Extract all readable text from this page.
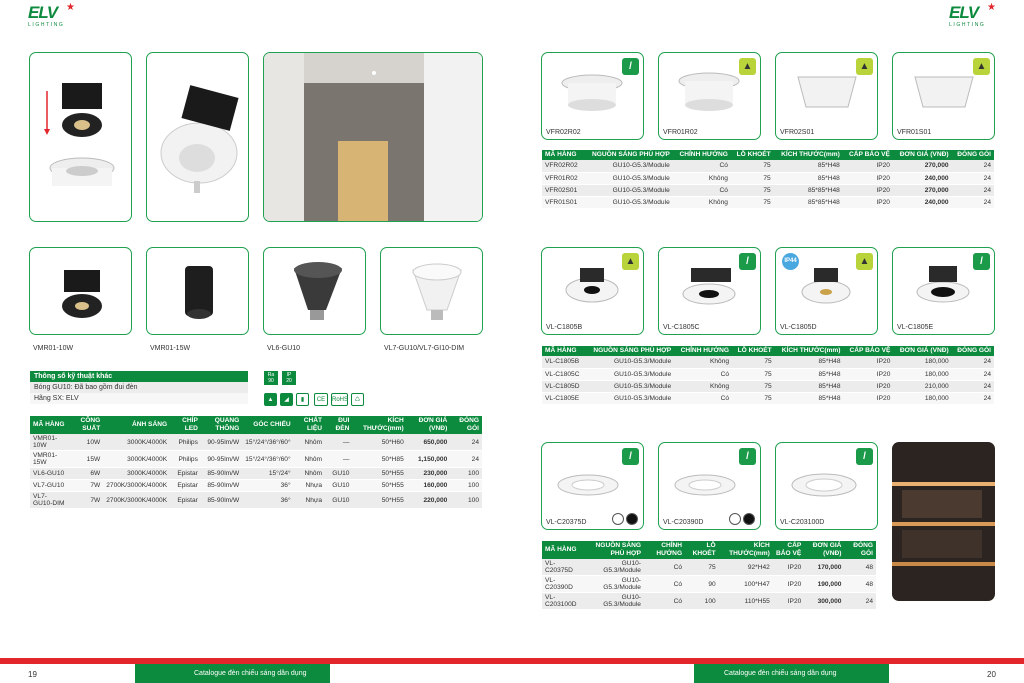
ELV ★
LIGHTING
ELV ★
LIGHTING
VMR01-10W	VMR01-15W	VL6-GU10	VL7-GU10/VL7-GI10-DIM
Thông số kỹ thuật khác
Bóng GU10: Đã bao gồm đui đèn
Hãng SX: ELV
Ra
90
IP
20
▲	◢	▮	CE	RoHS	♺
MÃ HÀNG	CÔNG SUẤT	ÁNH SÁNG	CHÍP LED	QUANG THÔNG	GÓC CHIẾU	CHẤT LIỆU	ĐUI ĐÈN	KÍCH THƯỚC(mm)	ĐƠN GIÁ (VNĐ)	ĐÓNG GÓI
VMR01-10W	10W	3000K/4000K	Philips	90-95lm/W	15°/24°/36°/60°	Nhôm	—	50*H60	650,000	24
VMR01-15W	15W	3000K/4000K	Philips	90-95lm/W	15°/24°/36°/60°	Nhôm	—	50*H85	1,150,000	24
VL6-GU10	6W	3000K/4000K	Epistar	85-90lm/W	15°/24°	Nhôm	GU10	50*H55	230,000	100
VL7-GU10	7W	2700K/3000K/4000K	Epistar	85-90lm/W	36°	Nhựa	GU10	50*H55	160,000	100
VL7-GU10-DIM	7W	2700K/3000K/4000K	Epistar	85-90lm/W	36°	Nhựa	GU10	50*H55	220,000	100
/
VFR02R02
▲
VFR01R02
▲
VFR02S01
▲
VFR01S01
MÃ HÀNG	NGUỒN SÁNG PHÙ HỢP	CHỈNH HƯỚNG	LỖ KHOÉT	KÍCH THƯỚC(mm)	CẤP BẢO VỆ	ĐƠN GIÁ (VNĐ)	ĐÓNG GÓI
VFR02R02	GU10-G5.3/Module	Có	75	85*H48	IP20	270,000	24
VFR01R02	GU10-G5.3/Module	Không	75	85*H48	IP20	240,000	24
VFR02S01	GU10-G5.3/Module	Có	75	85*85*H48	IP20	270,000	24
VFR01S01	GU10-G5.3/Module	Không	75	85*85*H48	IP20	240,000	24
▲
VL-C1805B
/
VL-C1805C
IP44	▲
VL-C1805D
/
VL-C1805E
MÃ HÀNG	NGUỒN SÁNG PHÙ HỢP	CHỈNH HƯỚNG	LỖ KHOÉT	KÍCH THƯỚC(mm)	CẤP BẢO VỆ	ĐƠN GIÁ (VNĐ)	ĐÓNG GÓI
VL-C1805B	GU10-G5.3/Module	Không	75	85*H48	IP20	180,000	24
VL-C1805C	GU10-G5.3/Module	Có	75	85*H48	IP20	180,000	24
VL-C1805D	GU10-G5.3/Module	Không	75	85*H48	IP20	210,000	24
VL-C1805E	GU10-G5.3/Module	Có	75	85*H48	IP20	180,000	24
/
VL-C20375D
/
VL-C20390D
/
VL-C203100D
MÃ HÀNG	NGUỒN SÁNG PHÙ HỢP	CHỈNH HƯỚNG	LỖ KHOÉT	KÍCH THƯỚC(mm)	CẤP BẢO VỆ	ĐƠN GIÁ (VNĐ)	ĐÓNG GÓI
VL-C20375D	GU10-G5.3/Module	Có	75	92*H42	IP20	170,000	48
VL-C20390D	GU10-G5.3/Module	Có	90	100*H47	IP20	190,000	48
VL-C203100D	GU10-G5.3/Module	Có	100	110*H55	IP20	300,000	24
19	Catalogue đèn chiếu sáng dân dụng	Catalogue đèn chiếu sáng dân dụng	20
